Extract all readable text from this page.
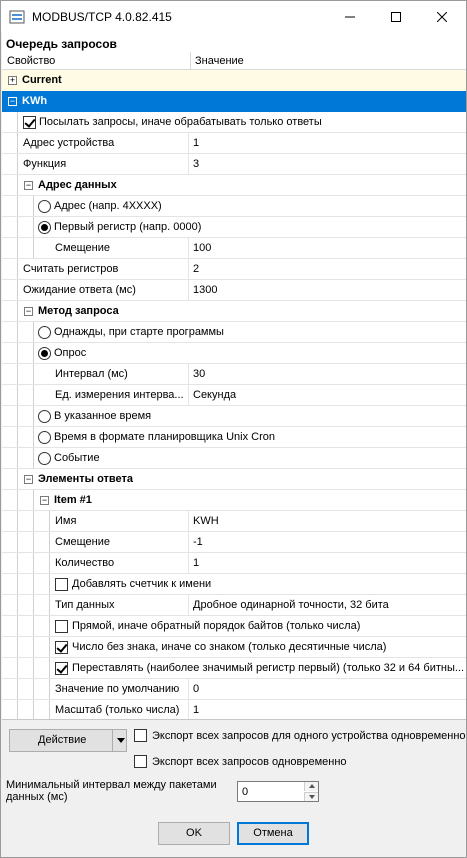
MODBUS/TCP 4.0.82.415
Очередь запросов
Свойство	Значение
+ Current
− KWh
Посылать запросы, иначе обрабатывать только ответы
Адрес устройства	1
Функция	3
− Адрес данных
Адрес (напр. 4XXXX)
Первый регистр (напр. 0000)
Смещение	100
Считать регистров	2
Ожидание ответа (мс)	1300
− Метод запроса
Однажды, при старте программы
Опрос
Интервал (мс)	30
Ед. измерения интерва... Секунда
В указанное время
Время в формате планировщика Unix Cron
Событие
− Элементы ответа
− Item #1
Имя	KWH
Смещение	-1
Количество	1
Добавлять счетчик к имени
Тип данных	Дробное одинарной точности, 32 бита
Прямой, иначе обратный порядок байтов (только числа)
Число без знака, иначе со знаком (только десятичные числа)
Переставлять (наиболее значимый регистр первый) (только 32 и 64 битны...
Значение по умолчанию 0
Масштаб (только числа) 1
Действие	Экспорт всех запросов для одного устройства одновременно
Экспорт всех запросов одновременно
Минимальный интервал между пакетами данных (мс)	0
OK	Отмена
